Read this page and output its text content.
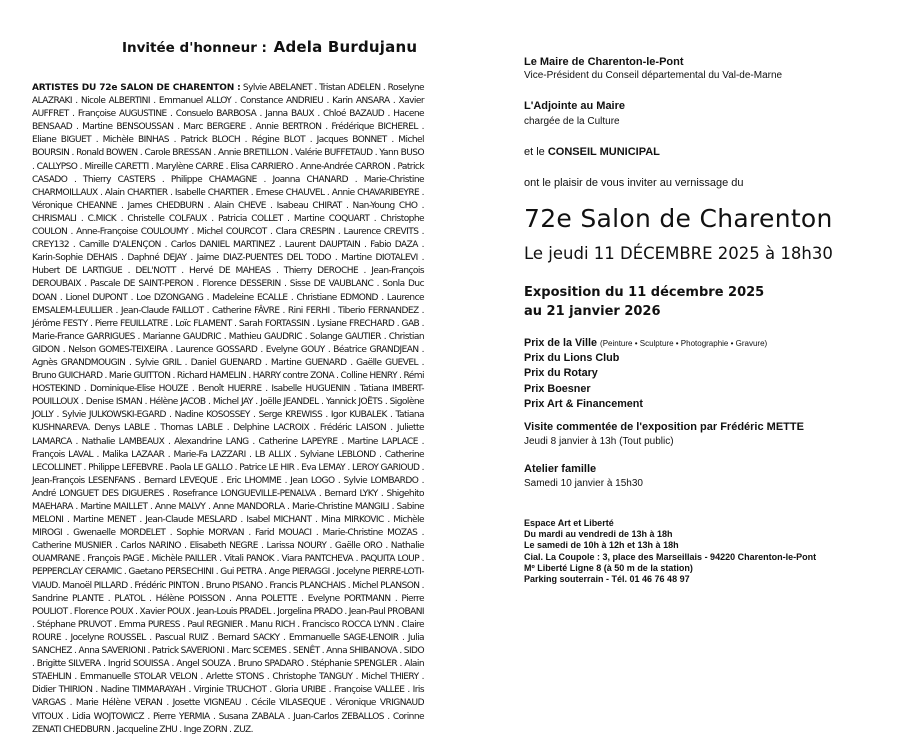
Invitée d'honneur : Adela Burdujanu
ARTISTES DU 72e SALON DE CHARENTON : Sylvie ABELANET . Tristan ADELEN . Roselyne ALAZRAKI . Nicole ALBERTINI . Emmanuel ALLOY . Constance ANDRIEU . Karin ANSARA . Xavier AUFFRET . Françoise AUGUSTINE . Consuelo BARBOSA . Janna BAUX . Chloé BAZAUD . Hacene BENSAAD . Martine BENSOUSSAN . Marc BERGERE . Annie BERTRON . Frédérique BICHEREL . Eliane BIGUET . Michèle BINHAS . Patrick BLOCH . Régine BLOT . Jacques BONNET . Michel BOURSIN . Ronald BOWEN . Carole BRESSAN . Annie BRETILLON . Valérie BUFFETAUD . Yann BUSO . CALLYPSO . Mireille CARETTI . Marylène CARRE . Elisa CARRIERO . Anne-Andrée CARRON . Patrick CASADO . Thierry CASTERS . Philippe CHAMAGNE . Joanna CHANARD . Marie-Christine CHARMOILLAUX . Alain CHARTIER . Isabelle CHARTIER . Emese CHAUVEL . Annie CHAVARIBEYRE . Véronique CHEANNE . James CHEDBURN . Alain CHEVE . Isabeau CHIRAT . Nan-Young CHO . CHRISMALI . C.MICK . Christelle COLFAUX . Patricia COLLET . Martine COQUART . Christophe COULON . Anne-Françoise COULOUMY . Michel COURCOT . Clara CRESPIN . Laurence CREVITS . CREY132 . Camille D'ALENÇON . Carlos DANIEL MARTINEZ . Laurent DAUPTAIN . Fabio DAZA . Karin-Sophie DEHAIS . Daphné DEJAY . Jaime DIAZ-PUENTES DEL TODO . Martine DIOTALEVI . Hubert DE LARTIGUE . DEL'NOTT . Hervé DE MAHEAS . Thierry DEROCHE . Jean-François DEROUBAIX . Pascale DE SAINT-PERON . Florence DESSERIN . Sisse DE VAUBLANC . Sonla Duc DOAN . Lionel DUPONT . Loe DZONGANG . Madeleine ECALLE . Christiane EDMOND . Laurence EMSALEM-LEULLIER . Jean-Claude FAILLOT . Catherine FÂVRE . Rini FERHI . Tiberio FERNANDEZ . Jérôme FESTY . Pierre FEUILLATRE . Loïc FLAMENT . Sarah FORTASSIN . Lysiane FRECHARD . GAB . Marie-France GARRIGUES . Marianne GAUDRIC . Mathieu GAUDRIC . Solange GAUTIER . Christian GIDON . Nelson GOMES-TEIXEIRA . Laurence GOSSARD . Evelyne GOUY . Béatrice GRANDJEAN . Agnès GRANDMOUGIN . Sylvie GRIL . Daniel GUENARD . Martine GUENARD . Gaëlle GUEVEL . Bruno GUICHARD . Marie GUITTON . Richard HAMELIN . HARRY contre ZONA . Colline HENRY . Rémi HOSTEKIND . Dominique-Elise HOUZE . Benoît HUERRE . Isabelle HUGUENIN . Tatiana IMBERT-POUILLOUX . Denise ISMAN . Hélène JACOB . Michel JAY . Joëlle JEANDEL . Yannick JOËTS . Sigolène JOLLY . Sylvie JULKOWSKI-EGARD . Nadine KOSOSSEY . Serge KREWISS . Igor KUBALEK . Tatiana KUSHNAREVA. Denys LABLE . Thomas LABLE . Delphine LACROIX . Frédéric LAISON . Juliette LAMARCA . Nathalie LAMBEAUX . Alexandrine LANG . Catherine LAPEYRE . Martine LAPLACE . François LAVAL . Malika LAZAAR . Marie-Fa LAZZARI . LB ALLIX . Sylviane LEBLOND . Catherine LECOLLINET . Philippe LEFEBVRE . Paola LE GALLO . Patrice LE HIR . Eva LEMAY . LEROY GARIOUD . Jean-François LESENFANS . Bernard LEVEQUE . Eric LHOMME . Jean LOGO . Sylvie LOMBARDO . André LONGUET DES DIGUERES . Rosefrance LONGUEVILLE-PENALVA . Bernard LYKY . Shigehito MAEHARA . Martine MAILLET . Anne MALVY . Anne MANDORLA . Marie-Christine MANGILI . Sabine MELONI . Martine MENET . Jean-Claude MESLARD . Isabel MICHANT . Mina MIRKOVIC . Michèle MIROGI . Gwenaelle MORDELET . Sophie MORVAN . Farid MOUACI . Marie-Christine MOZAS . Catherine MUSNIER . Carlos NARINO . Elisabeth NEGRE . Larissa NOURY . Gaëlle ORO . Nathalie OUAMRANE . François PAGE . Michèle PAILLER . Vitali PANOK . Viara PANTCHEVA . PAQUITA LOUP . PEPPERCLAY CERAMIC . Gaetano PERSECHINI . Gui PETRA . Ange PIERAGGI . Jocelyne PIERRE-LOTI-VIAUD. Manoël PILLARD . Frédéric PINTON . Bruno PISANO . Francis PLANCHAIS . Michel PLANSON . Sandrine PLANTE . PLATOL . Hélène POISSON . Anna POLETTE . Evelyne PORTMANN . Pierre POULIOT . Florence POUX . Xavier POUX . Jean-Louis PRADEL . Jorgelina PRADO . Jean-Paul PROBANI . Stéphane PRUVOT . Emma PURESS . Paul REGNIER . Manu RICH . Francisco ROCCA LYNN . Claire ROURE . Jocelyne ROUSSEL . Pascual RUIZ . Bernard SACKY . Emmanuelle SAGE-LENOIR . Julia SANCHEZ . Anna SAVERIONI . Patrick SAVERIONI . Marc SCEMES . SENÊT . Anna SHIBANOVA . SIDO . Brigitte SILVERA . Ingrid SOUISSA . Angel SOUZA . Bruno SPADARO . Stéphanie SPENGLER . Alain STAEHLIN . Emmanuelle STOLAR VELON . Arlette STONS . Christophe TANGUY . Michel THIERY . Didier THIRION . Nadine TIMMARAYAH . Virginie TRUCHOT . Gloria URIBE . Françoise VALLEE . Iris VARGAS . Marie Hélène VERAN . Josette VIGNEAU . Cécile VILASEQUE . Véronique VRIGNAUD VITOUX . Lidia WOJTOWICZ . Pierre YERMIA . Susana ZABALA . Juan-Carlos ZEBALLOS . Corinne ZENATI CHEDBURN . Jacqueline ZHU . Inge ZORN . ZUZ.
Le Maire de Charenton-le-Pont
Vice-Président du Conseil départemental du Val-de-Marne
L'Adjointe au Maire
chargée de la Culture
et le CONSEIL MUNICIPAL
ont le plaisir de vous inviter au vernissage du
72e Salon de Charenton
Le jeudi 11 DÉCEMBRE 2025 à 18h30
Exposition du 11 décembre 2025
au 21 janvier 2026
Prix de la Ville (Peinture • Sculpture • Photographie • Gravure)
Prix du Lions Club
Prix du Rotary
Prix Boesner
Prix Art & Financement
Visite commentée de l'exposition par Frédéric METTE
Jeudi 8 janvier à 13h (Tout public)
Atelier famille
Samedi 10 janvier à 15h30
Espace Art et Liberté
Du mardi au vendredi de 13h à 18h
Le samedi de 10h à 12h et 13h à 18h
Cial. La Coupole : 3, place des Marseillais - 94220 Charenton-le-Pont
Mº Liberté Ligne 8 (à 50 m de la station)
Parking souterrain - Tél. 01 46 76 48 97
